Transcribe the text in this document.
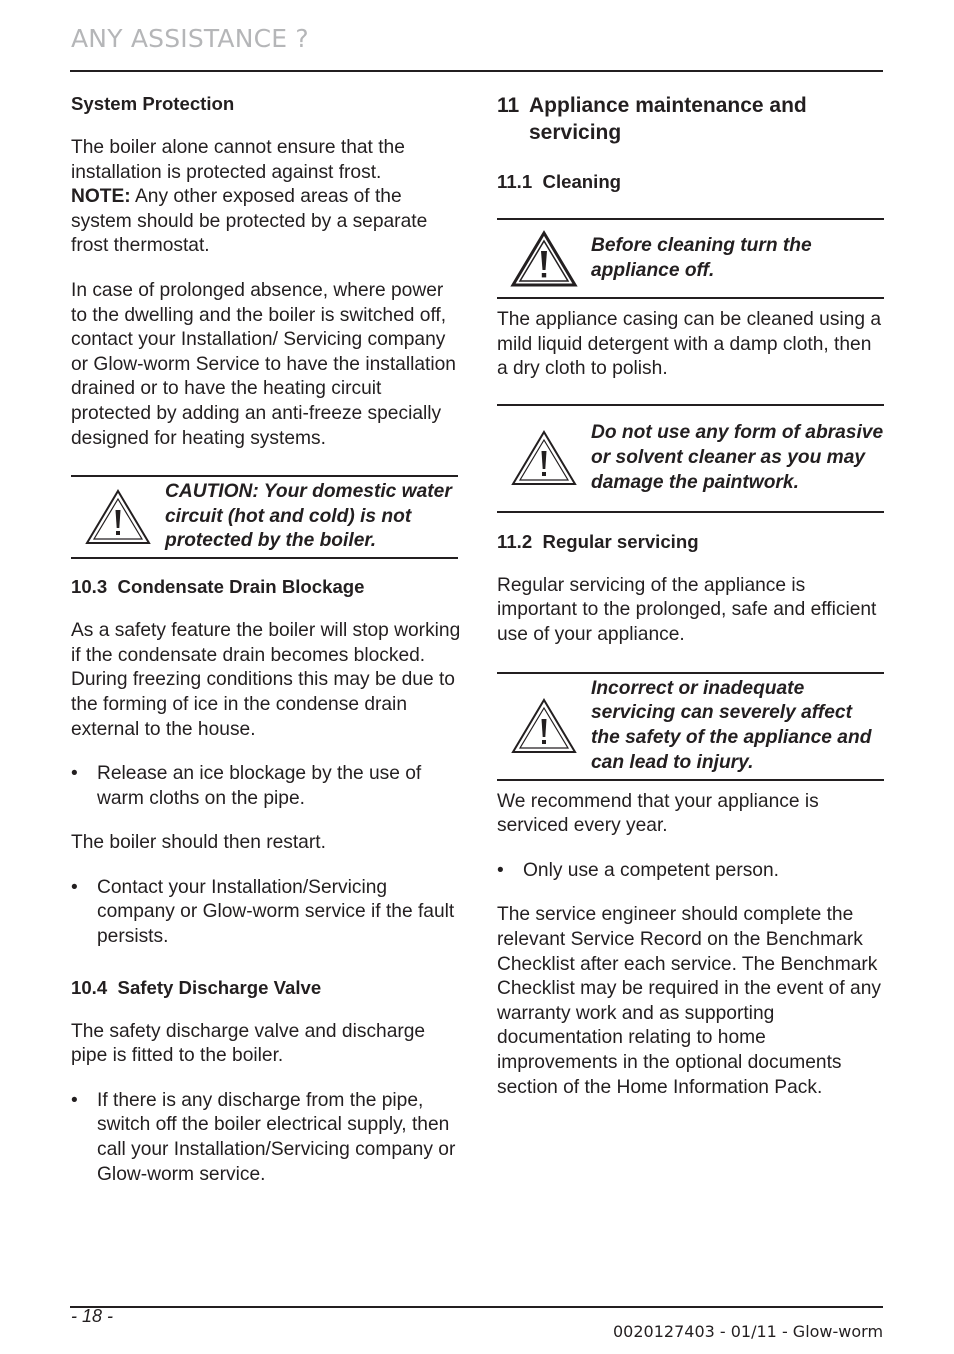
ANY ASSISTANCE ?
System Protection

The boiler alone cannot ensure that the installation is protected against frost.
NOTE: Any other exposed areas of the system should be protected by a separate frost thermostat.

In case of prolonged absence, where power to the dwelling and the boiler is switched off, contact your Installation/ Servicing company or Glow-worm Service to have the installation drained or to have the heating circuit protected by adding an anti-freeze specially designed for heating systems.

CAUTION: Your domestic water circuit (hot and cold) is not protected by the boiler.
10.3 Condensate Drain Blockage

As a safety feature the boiler will stop working if the condensate drain becomes blocked. During freezing conditions this may be due to the forming of ice in the condense drain external to the house.

•	Release an ice blockage by the use of warm cloths on the pipe.

The boiler should then restart.

•	Contact your Installation/Servicing company or Glow-worm service if the fault persists.
10.4 Safety Discharge Valve

The safety discharge valve and discharge pipe is fitted to the boiler.

•	If there is any discharge from the pipe, switch off the boiler electrical supply, then call your Installation/Servicing company or Glow-worm service.
11 Appliance maintenance and servicing
11.1 Cleaning
Before cleaning turn the appliance off.

The appliance casing can be cleaned using a mild liquid detergent with a damp cloth, then a dry cloth to polish.

Do not use any form of abrasive or solvent cleaner as you may damage the paintwork.
11.2 Regular servicing

Regular servicing of the appliance is important to the prolonged, safe and efficient use of your appliance.

Incorrect or inadequate servicing can severely affect the safety of the appliance and can lead to injury.

We recommend that your appliance is serviced every year.

•	Only use a competent person.

The service engineer should complete the relevant Service Record on the Benchmark Checklist after each service. The Benchmark Checklist may be required in the event of any warranty work and as supporting documentation relating to home improvements in the optional documents section of the Home Information Pack.

- 18 -
0020127403 - 01/11 - Glow-worm
